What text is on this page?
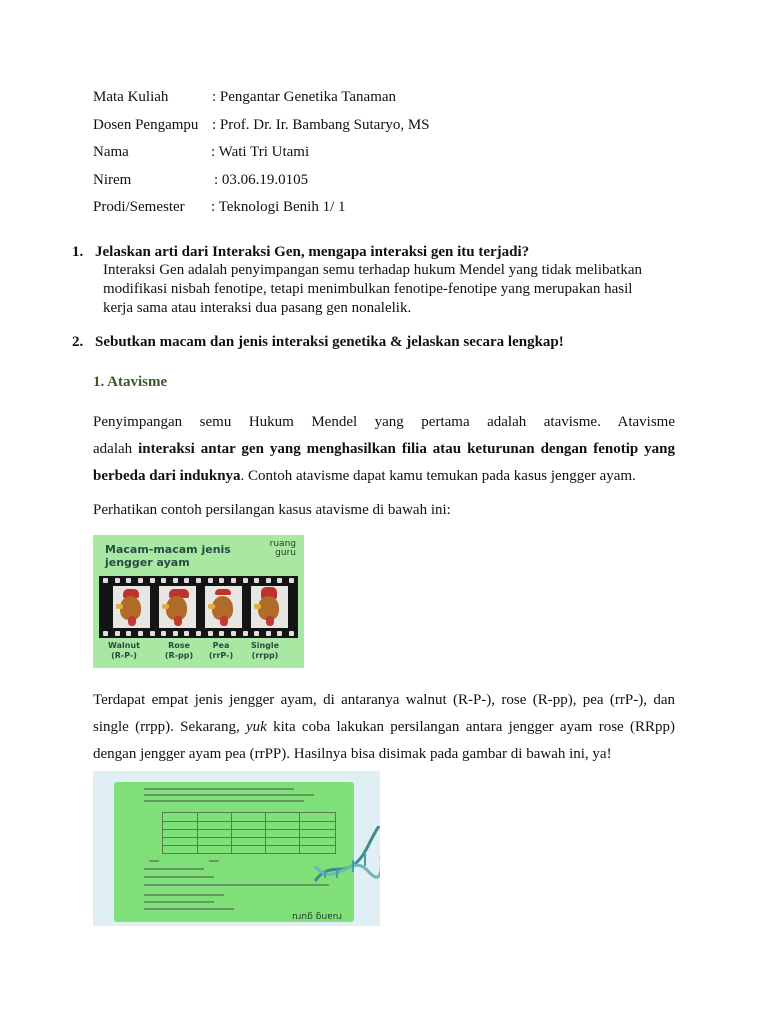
Mata Kuliah	: Pengantar Genetika Tanaman
Dosen Pengampu : Prof. Dr. Ir. Bambang Sutaryo, MS
Nama	: Wati Tri Utami
Nirem	: 03.06.19.0105
Prodi/Semester : Teknologi Benih 1/ 1
1. Jelaskan arti dari Interaksi Gen, mengapa interaksi gen itu terjadi?
Interaksi Gen adalah penyimpangan semu terhadap hukum Mendel yang tidak melibatkan
modifikasi nisbah fenotipe, tetapi menimbulkan fenotipe-fenotipe yang merupakan hasil
kerja sama atau interaksi dua pasang gen nonalelik.
2. Sebutkan macam dan jenis interaksi genetika & jelaskan secara lengkap!
1. Atavisme
Penyimpangan semu Hukum Mendel yang pertama adalah atavisme. Atavisme
adalah interaksi antar gen yang menghasilkan filia atau keturunan dengan fenotip yang
berbeda dari induknya. Contoh atavisme dapat kamu temukan pada kasus jengger ayam.
Perhatikan contoh persilangan kasus atavisme di bawah ini:
Macam-macam jenis
jengger ayam
ruang
guru
Walnut
(R-P-)
Rose
(R-pp)
Pea
(rrP-)
Single
(rrpp)
Terdapat empat jenis jengger ayam, di antaranya walnut (R-P-), rose (R-pp), pea (rrP-), dan
single (rrpp). Sekarang, yuk kita coba lakukan persilangan antara jengger ayam rose (RRpp)
dengan jengger ayam pea (rrPP). Hasilnya bisa disimak pada gambar di bawah ini, ya!
ruang guru
